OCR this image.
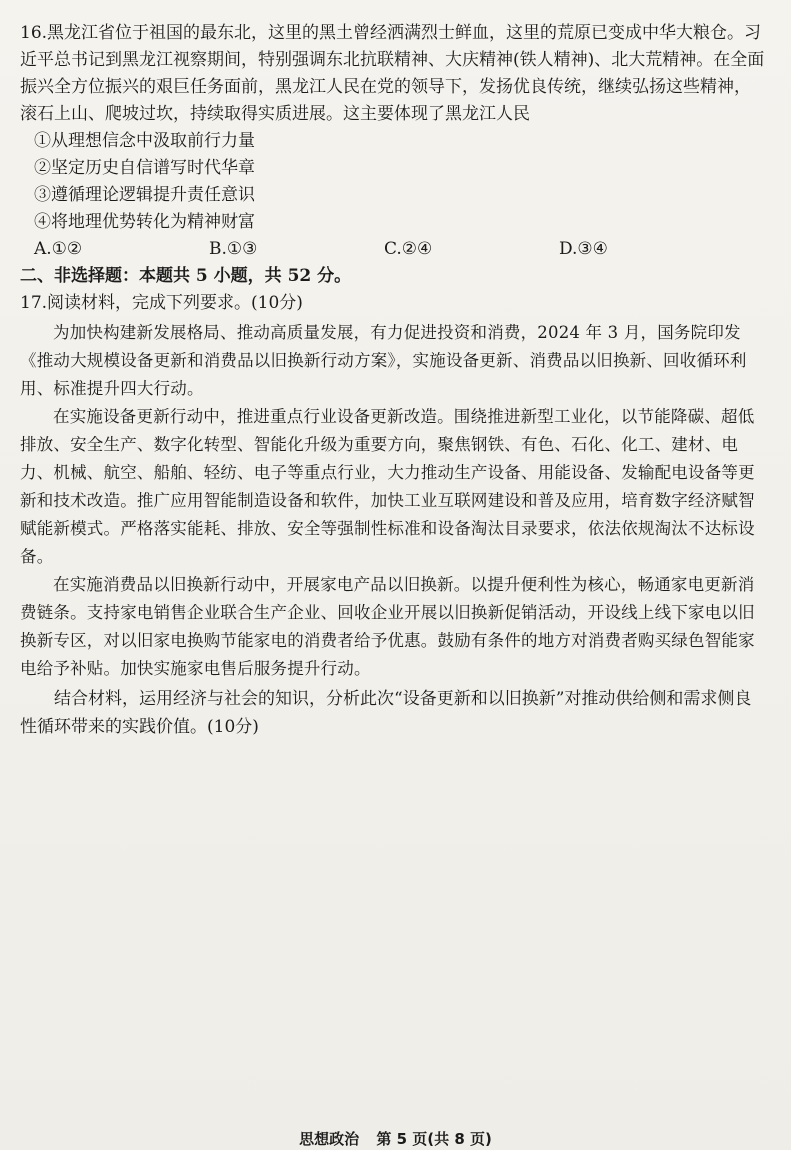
16.黑龙江省位于祖国的最东北，这里的黑土曾经洒满烈士鲜血，这里的荒原已变成中华大粮仓。习近平总书记到黑龙江视察期间，特别强调东北抗联精神、大庆精神(铁人精神)、北大荒精神。在全面振兴全方位振兴的艰巨任务面前，黑龙江人民在党的领导下，发扬优良传统，继续弘扬这些精神，滚石上山、爬坡过坎，持续取得实质进展。这主要体现了黑龙江人民

①从理想信念中汲取前行力量
②坚定历史自信谱写时代华章
③遵循理论逻辑提升责任意识
④将地理优势转化为精神财富
A.①②	B.①③	C.②④	D.③④

二、非选择题：本题共 5 小题，共 52 分。

17.阅读材料，完成下列要求。(10分)

为加快构建新发展格局、推动高质量发展，有力促进投资和消费，2024 年 3 月，国务院印发《推动大规模设备更新和消费品以旧换新行动方案》，实施设备更新、消费品以旧换新、回收循环利用、标准提升四大行动。

在实施设备更新行动中，推进重点行业设备更新改造。围绕推进新型工业化，以节能降碳、超低排放、安全生产、数字化转型、智能化升级为重要方向，聚焦钢铁、有色、石化、化工、建材、电力、机械、航空、船舶、轻纺、电子等重点行业，大力推动生产设备、用能设备、发输配电设备等更新和技术改造。推广应用智能制造设备和软件，加快工业互联网建设和普及应用，培育数字经济赋智赋能新模式。严格落实能耗、排放、安全等强制性标准和设备淘汰目录要求，依法依规淘汰不达标设备。

在实施消费品以旧换新行动中，开展家电产品以旧换新。以提升便利性为核心，畅通家电更新消费链条。支持家电销售企业联合生产企业、回收企业开展以旧换新促销活动，开设线上线下家电以旧换新专区，对以旧家电换购节能家电的消费者给予优惠。鼓励有条件的地方对消费者购买绿色智能家电给予补贴。加快实施家电售后服务提升行动。

结合材料，运用经济与社会的知识，分析此次“设备更新和以旧换新”对推动供给侧和需求侧良性循环带来的实践价值。(10分)

思想政治 第 5 页(共 8 页)
